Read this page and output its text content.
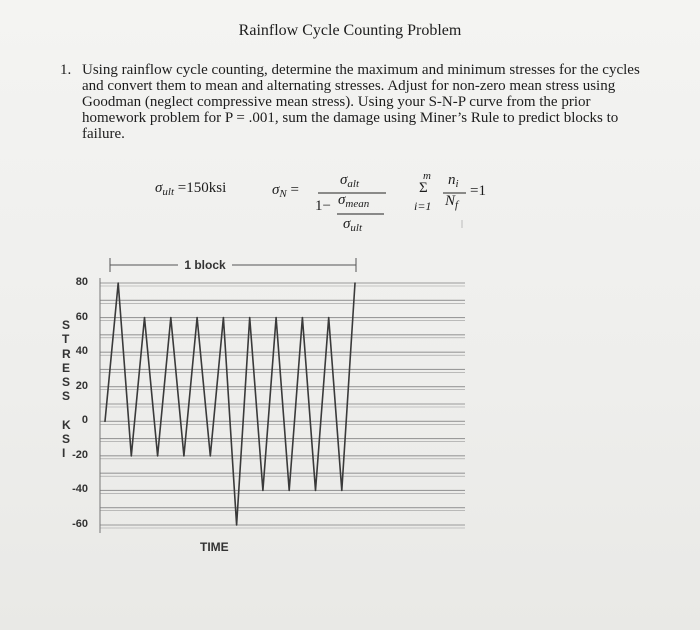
Rainflow Cycle Counting Problem
1. Using rainflow cycle counting, determine the maximum and minimum stresses for the cycles and convert them to mean and alternating stresses. Adjust for non-zero mean stress using Goodman (neglect compressive mean stress). Using your S-N-P curve from the prior homework problem for P = .001, sum the damage using Miner’s Rule to predict blocks to failure.
$\sigma_{ult} =150ksi$	$\sigma_N$ =
$\sigma_{alt}$
$1- \sigma_{mean}$
$\sigma_{ult}$
m
Σ
i=1
$n_i$
$N_f$
=1
S
T
R
E
S
S
K
S
I
80
60
40
20
0
-20
-40
-60
TIME
1 block
